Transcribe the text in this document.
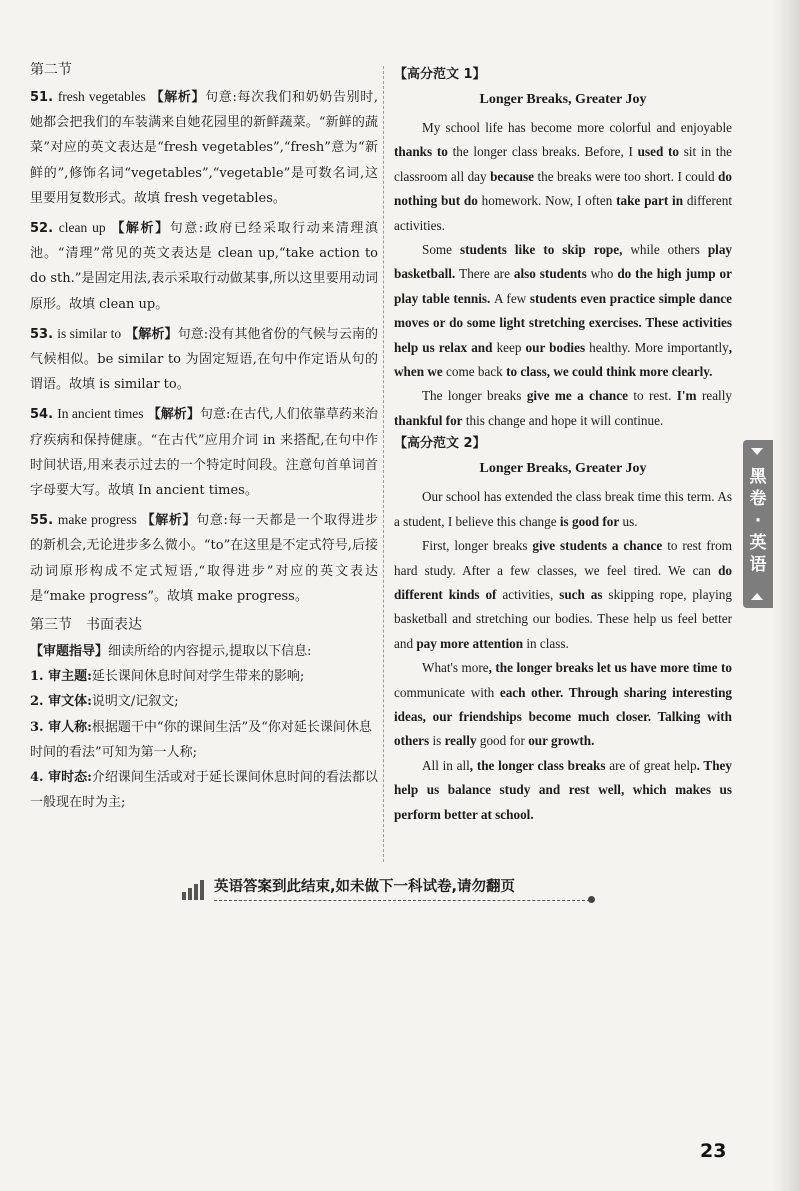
第二节
51. fresh vegetables 【解析】句意:每次我们和奶奶告别时,她都会把我们的车装满来自她花园里的新鲜蔬菜。“新鲜的蔬菜”对应的英文表达是“fresh vegetables”,“fresh”意为“新鲜的”,修饰名词“vegetables”,“vegetable”是可数名词,这里要用复数形式。故填 fresh vegetables。
52. clean up 【解析】句意:政府已经采取行动来清理滇池。“清理”常见的英文表达是 clean up,“take action to do sth.”是固定用法,表示采取行动做某事,所以这里要用动词原形。故填 clean up。
53. is similar to 【解析】句意:没有其他省份的气候与云南的气候相似。be similar to 为固定短语,在句中作定语从句的谓语。故填 is similar to。
54. In ancient times 【解析】句意:在古代,人们依靠草药来治疗疾病和保持健康。“在古代”应用介词 in 来搭配,在句中作时间状语,用来表示过去的一个特定时间段。注意句首单词首字母要大写。故填 In ancient times。
55. make progress 【解析】句意:每一天都是一个取得进步的新机会,无论进步多么微小。“to”在这里是不定式符号,后接动词原形构成不定式短语,“取得进步”对应的英文表达是“make progress”。故填 make progress。
第三节　书面表达

【审题指导】细读所给的内容提示,提取以下信息:

1. 审主题:延长课间休息时间对学生带来的影响;

2. 审文体:说明文/记叙文;

3. 审人称:根据题干中“你的课间生活”及“你对延长课间休息时间的看法”可知为第一人称;

4. 审时态:介绍课间生活或对于延长课间休息时间的看法都以一般现在时为主;

【高分范文 1】

Longer Breaks, Greater Joy

My school life has become more colorful and enjoyable thanks to the longer class breaks. Before, I used to sit in the classroom all day because the breaks were too short. I could do nothing but do homework. Now, I often take part in different activities.

Some students like to skip rope, while others play basketball. There are also students who do the high jump or play table tennis. A few students even practice simple dance moves or do some light stretching exercises. These activities help us relax and keep our bodies healthy. More importantly, when we come back to class, we could think more clearly.

The longer breaks give me a chance to rest. I'm really thankful for this change and hope it will continue.

【高分范文 2】

Longer Breaks, Greater Joy

Our school has extended the class break time this term. As a student, I believe this change is good for us.

First, longer breaks give students a chance to rest from hard study. After a few classes, we feel tired. We can do different kinds of activities, such as skipping rope, playing basketball and stretching our bodies. These help us feel better and pay more attention in class.

What's more, the longer breaks let us have more time to communicate with each other. Through sharing interesting ideas, our friendships become much closer. Talking with others is really good for our growth.

All in all, the longer class breaks are of great help. They help us balance study and rest well, which makes us perform better at school.

黑
卷
·
英
语
英语答案到此结束,如未做下一科试卷,请勿翻页
23
